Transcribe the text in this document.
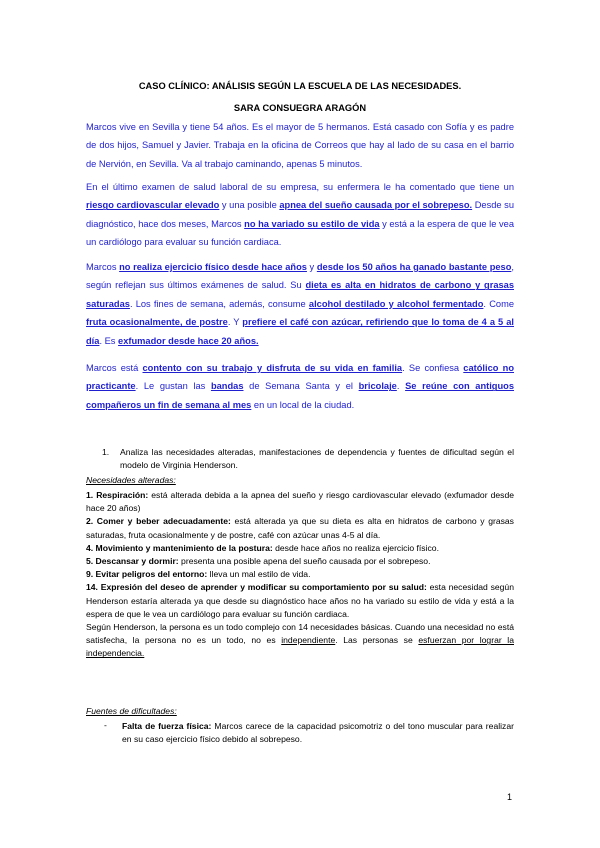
CASO CLÍNICO: ANÁLISIS SEGÚN LA ESCUELA DE LAS NECESIDADES.
SARA CONSUEGRA ARAGÓN
Marcos vive en Sevilla y tiene 54 años. Es el mayor de 5 hermanos. Está casado con Sofía y es padre de dos hijos, Samuel y Javier. Trabaja en la oficina de Correos que hay al lado de su casa en el barrio de Nervión, en Sevilla. Va al trabajo caminando, apenas 5 minutos.
En el último examen de salud laboral de su empresa, su enfermera le ha comentado que tiene un riesgo cardiovascular elevado y una posible apnea del sueño causada por el sobrepeso. Desde su diagnóstico, hace dos meses, Marcos no ha variado su estilo de vida y está a la espera de que le vea un cardiólogo para evaluar su función cardiaca.
Marcos no realiza ejercicio físico desde hace años y desde los 50 años ha ganado bastante peso, según reflejan sus últimos exámenes de salud. Su dieta es alta en hidratos de carbono y grasas saturadas. Los fines de semana, además, consume alcohol destilado y alcohol fermentado. Come fruta ocasionalmente, de postre. Y prefiere el café con azúcar, refiriendo que lo toma de 4 a 5 al día. Es exfumador desde hace 20 años.
Marcos está contento con su trabajo y disfruta de su vida en familia. Se confiesa católico no practicante. Le gustan las bandas de Semana Santa y el bricolaje. Se reúne con antiguos compañeros un fin de semana al mes en un local de la ciudad.
1.	Analiza las necesidades alteradas, manifestaciones de dependencia y fuentes de dificultad según el modelo de Virginia Henderson.
Necesidades alteradas:
1. Respiración: está alterada debida a la apnea del sueño y riesgo cardiovascular elevado (exfumador desde hace 20 años)
2. Comer y beber adecuadamente: está alterada ya que su dieta es alta en hidratos de carbono y grasas saturadas, fruta ocasionalmente y de postre, café con azúcar unas 4-5 al día.
4. Movimiento y mantenimiento de la postura: desde hace años no realiza ejercicio físico.
5. Descansar y dormir: presenta una posible apena del sueño causada por el sobrepeso.
9. Evitar peligros del entorno: lleva un mal estilo de vida.
14. Expresión del deseo de aprender y modificar su comportamiento por su salud: esta necesidad según Henderson estaría alterada ya que desde su diagnóstico hace años no ha variado su estilo de vida y está a la espera de que le vea un cardiólogo para evaluar su función cardiaca.
Según Henderson, la persona es un todo complejo con 14 necesidades básicas. Cuando una necesidad no está satisfecha, la persona no es un todo, no es independiente. Las personas se esfuerzan por lograr la independencia.
Fuentes de dificultades:
- Falta de fuerza física: Marcos carece de la capacidad psicomotriz o del tono muscular para realizar en su caso ejercicio físico debido al sobrepeso.
1
